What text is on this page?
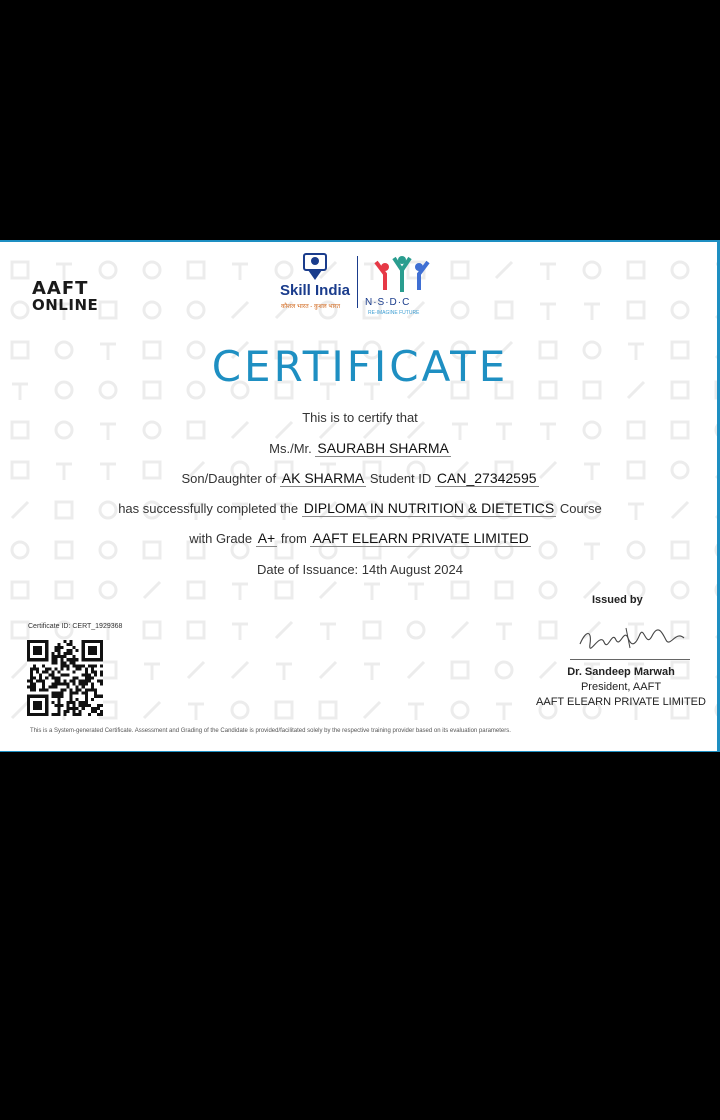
AAFT
ONLINE
Skill India
कौशल भारत - कुशल भारत N·S·D·C
RE-IMAGINE FUTURE
CERTIFICATE
This is to certify that
Ms./Mr. SAURABH SHARMA
Son/Daughter of AK SHARMA Student ID CAN_27342595
has successfully completed the DIPLOMA IN NUTRITION & DIETETICS Course
with Grade A+ from AAFT ELEARN PRIVATE LIMITED
Date of Issuance: 14th August 2024
Issued by
Dr. Sandeep Marwah
President, AAFT
AAFT ELEARN PRIVATE LIMITED
Certificate ID: CERT_1929368
This is a System-generated Certificate. Assessment and Grading of the Candidate is provided/facilitated solely by the respective training provider based on its evaluation parameters.
